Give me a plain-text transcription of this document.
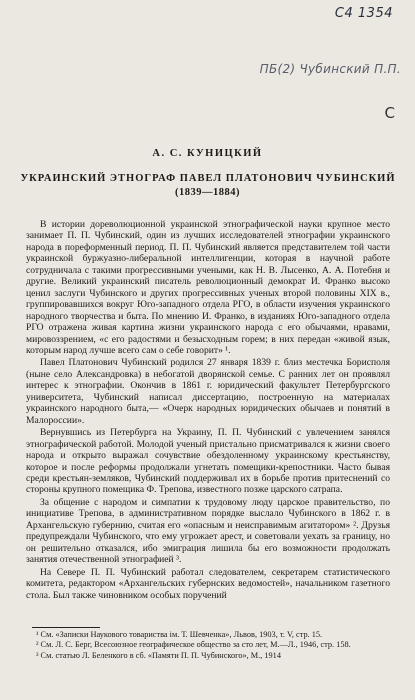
C4 1354
ПБ(2) Чубинский П.П.
С
А. С. КУНИЦКИЙ
УКРАИНСКИЙ ЭТНОГРАФ ПАВЕЛ ПЛАТОНОВИЧ ЧУБИНСКИЙ
(1839—1884)

В истории дореволюционной украинской этнографической науки крупное место занимает П. П. Чубинский, один из лучших исследователей этнографии украинского народа в пореформенный период. П. П. Чубинский является представителем той части украинской буржуазно-либеральной интеллигенции, которая в научной работе сотрудничала с такими прогрессивными учеными, как Н. В. Лысенко, А. А. Потебня и другие. Великий украинский писатель революционный демократ И. Франко высоко ценил заслуги Чубинского и других прогрессивных ученых второй половины XIX в., группировавшихся вокруг Юго-западного отдела РГО, в области изучения украинского народного творчества и быта. По мнению И. Франко, в изданиях Юго-западного отдела РГО отражена живая картина жизни украинского народа с его обычаями, нравами, мировоззрением, «с его радостями и безысходным горем; в них передан «живой язык, которым народ лучше всего сам о себе говорит» ¹.

Павел Платонович Чубинский родился 27 января 1839 г. близ местечка Борисполя (ныне село Александровка) в небогатой дворянской семье. С ранних лет он проявлял интерес к этнографии. Окончив в 1861 г. юридический факультет Петербургского университета, Чубинский написал диссертацию, построенную на материалах украинского народного быта,— «Очерк народных юридических обычаев и понятий в Малороссии».

Вернувшись из Петербурга на Украину, П. П. Чубинский с увлечением занялся этнографической работой. Молодой ученый пристально присматривался к жизни своего народа и открыто выражал сочувствие обездоленному украинскому крестьянству, которое и после реформы продолжали угнетать помещики-крепостники. Часто бывая среди крестьян-земляков, Чубинский поддерживал их в борьбе против притеснений со стороны крупного помещика Ф. Трепова, известного позже царского сатрапа.

За общение с народом и симпатии к трудовому люду царское правительство, по инициативе Трепова, в административном порядке выслало Чубинского в 1862 г. в Архангельскую губернию, считая его «опасным и неисправимым агитатором» ². Друзья предупреждали Чубинского, что ему угрожает арест, и советовали уехать за границу, но он решительно отказался, ибо эмиграция лишила бы его возможности продолжать занятия отечественной этнографией ³.

На Севере П. П. Чубинский работал следователем, секретарем статистического комитета, редактором «Архангельских губернских ведомостей», начальником газетного стола. Был также чиновником особых поручений

¹ См. «Записки Наукового товариства ім. Т. Шевченка», Львов, 1903, т. V, стр. 15.
² См. Л. С. Берг, Всесоюзное географическое общество за сто лет, М.—Л., 1946, стр. 158.
³ См. статью Л. Беленкого в сб. «Памяти П. П. Чубинского», М., 1914
